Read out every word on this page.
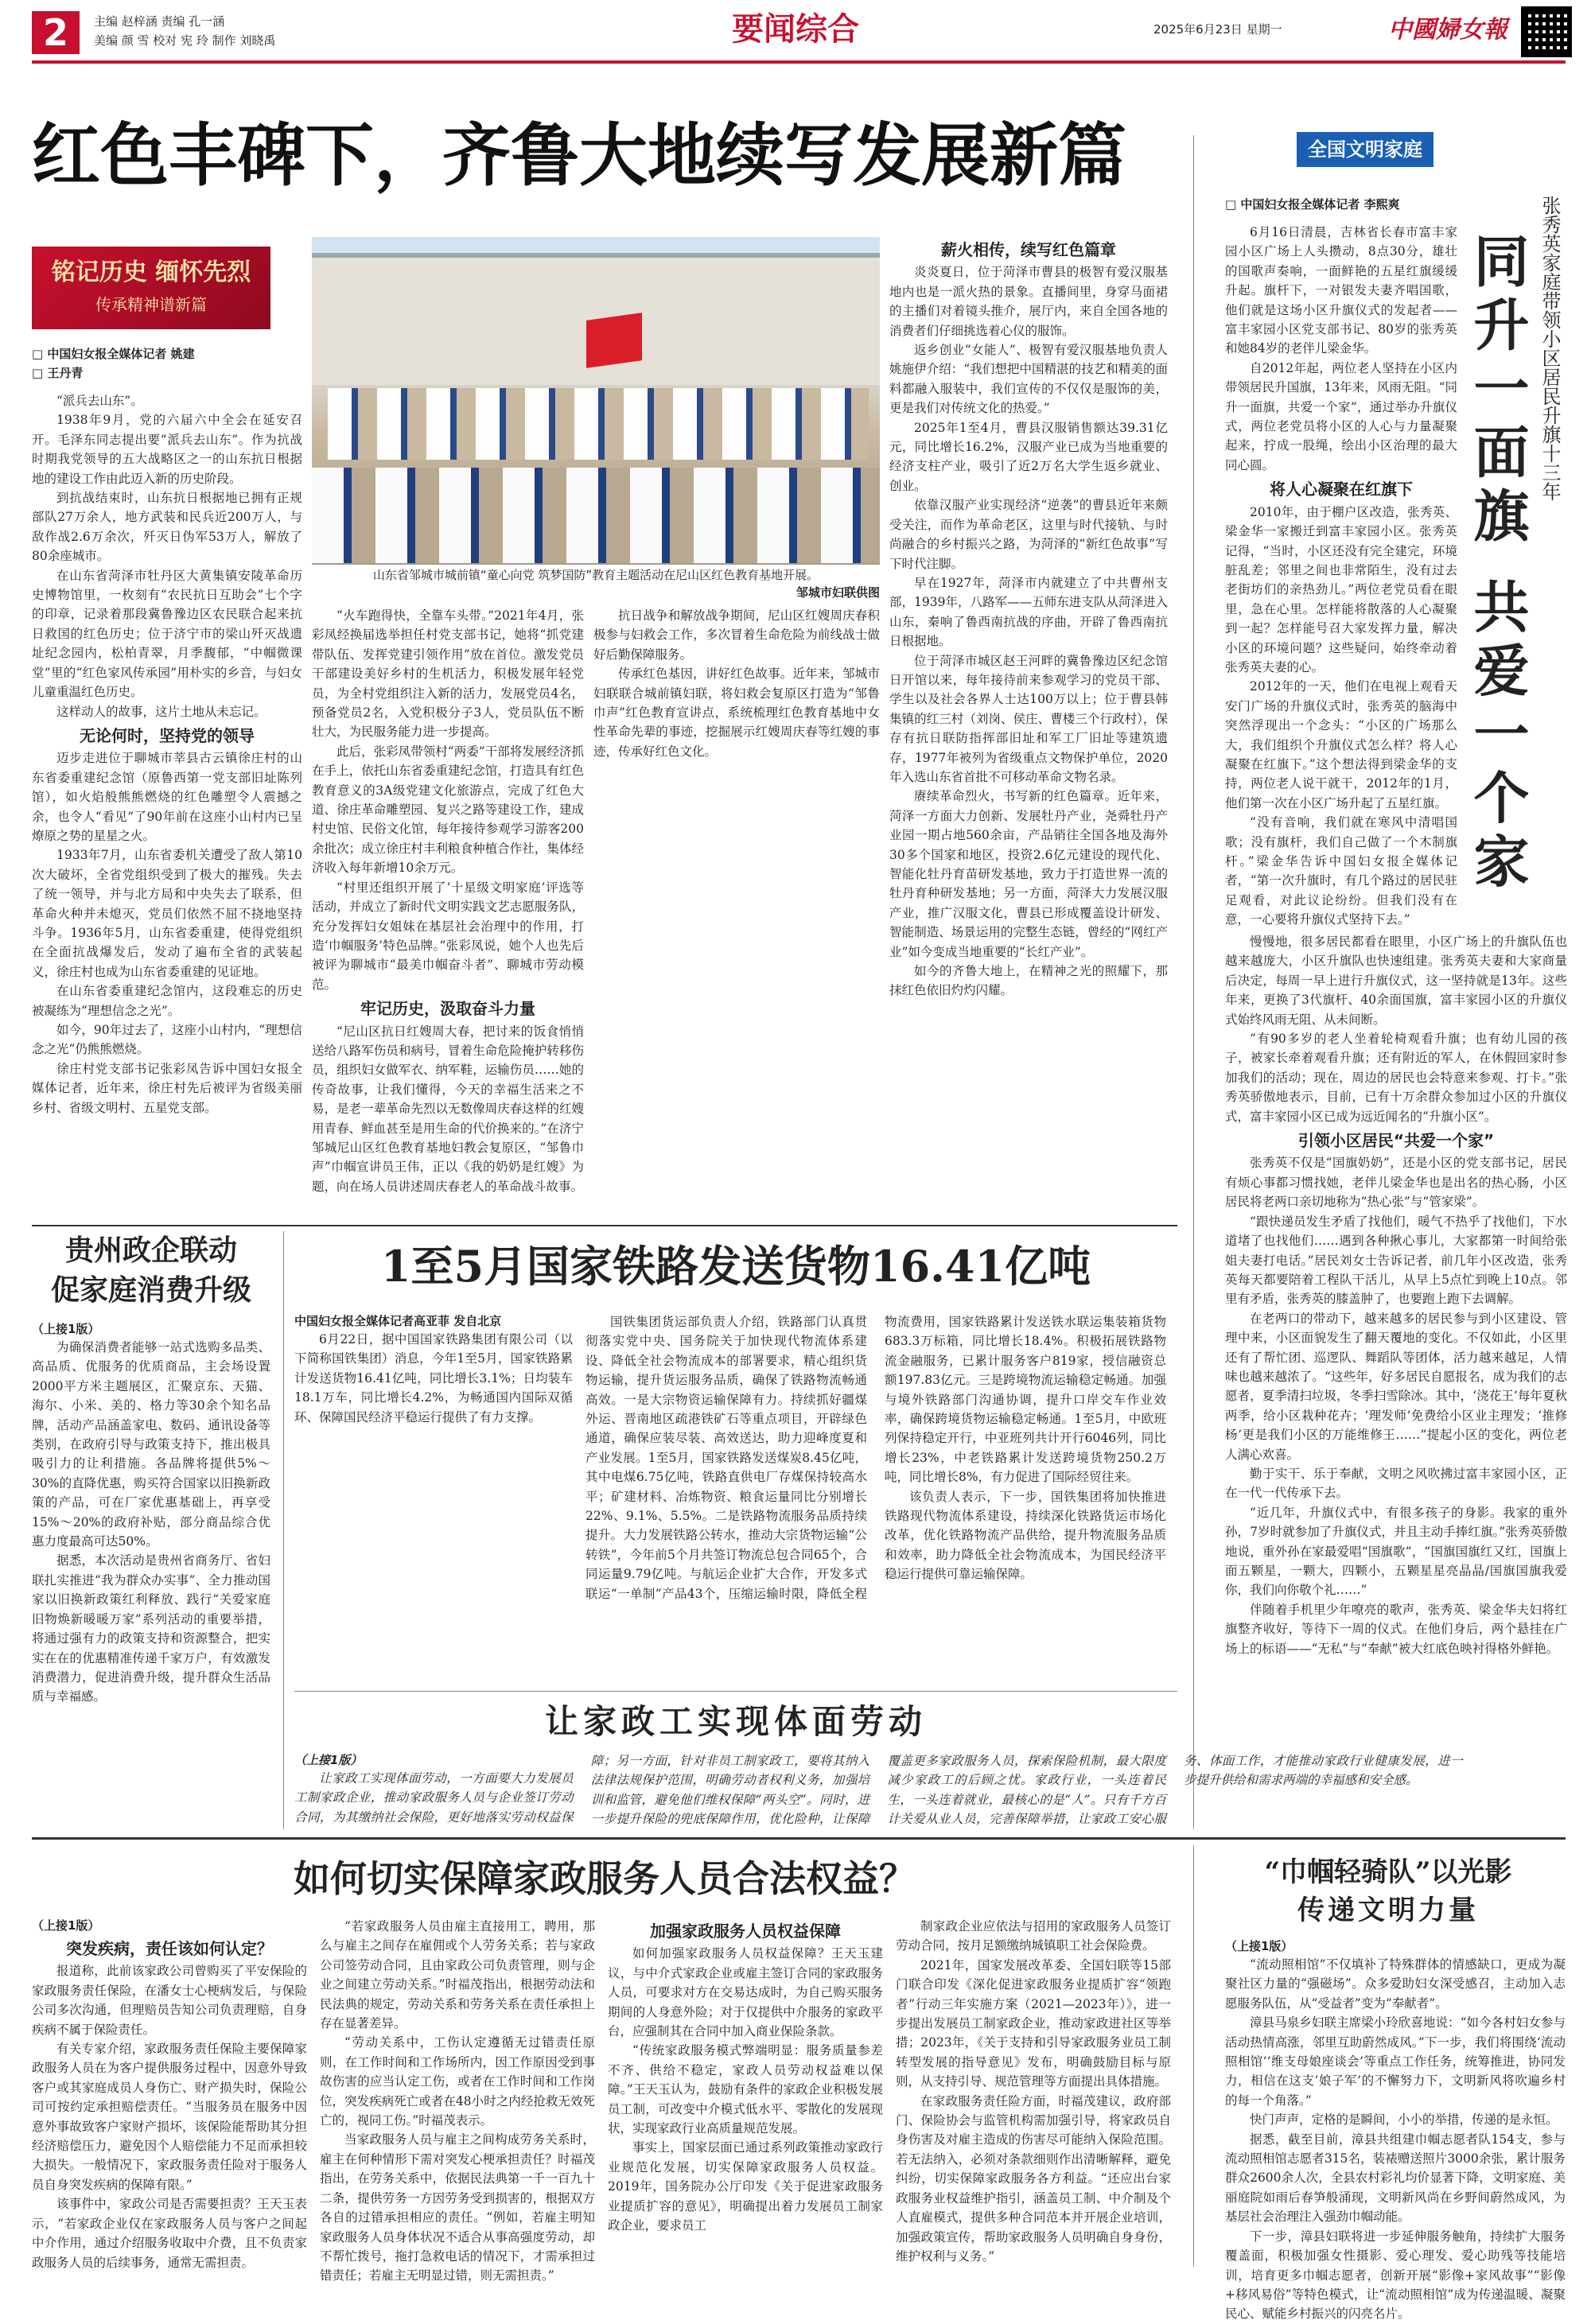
2	主编 赵梓涵 责编 孔一涵
美编 颜 雪 校对 宪 玲 制作 刘晓禹	要闻综合	2025年6月23日 星期一	中國婦女報
红色丰碑下，齐鲁大地续写发展新篇
铭记历史 缅怀先烈
传承精神谱新篇
□ 中国妇女报全媒体记者 姚建
□ 王丹青

“派兵去山东”。

1938年9月，党的六届六中全会在延安召开。毛泽东同志提出要“派兵去山东”。作为抗战时期我党领导的五大战略区之一的山东抗日根据地的建设工作由此迈入新的历史阶段。

到抗战结束时，山东抗日根据地已拥有正规部队27万余人，地方武装和民兵近200万人，与敌作战2.6万余次，歼灭日伪军53万人，解放了80余座城市。

在山东省菏泽市牡丹区大黄集镇安陵革命历史博物馆里，一枚刻有“农民抗日互助会”七个字的印章，记录着那段冀鲁豫边区农民联合起来抗日救国的红色历史；位于济宁市的梁山歼灭战遗址纪念园内，松柏青翠，月季馥郁，“中帼微课堂”里的“红色家风传承园”用朴实的乡音，与妇女儿童重温红色历史。

这样动人的故事，这片土地从未忘记。

无论何时，坚持党的领导

迈步走进位于聊城市莘县古云镇徐庄村的山东省委重建纪念馆（原鲁西第一党支部旧址陈列馆），如火焰般熊熊燃烧的红色雕塑令人震撼之余，也令人“看见”了90年前在这座小山村内已呈燎原之势的星星之火。

1933年7月，山东省委机关遭受了敌人第10次大破坏，全省党组织受到了极大的摧残。失去了统一领导，并与北方局和中央失去了联系，但革命火种并未熄灭，党员们依然不屈不挠地坚持斗争。1936年5月，山东省委重建，使得党组织在全面抗战爆发后，发动了遍布全省的武装起义，徐庄村也成为山东省委重建的见证地。

在山东省委重建纪念馆内，这段难忘的历史被凝练为“理想信念之光”。

如今，90年过去了，这座小山村内，“理想信念之光”仍熊熊燃烧。

徐庄村党支部书记张彩凤告诉中国妇女报全媒体记者，近年来，徐庄村先后被评为省级美丽乡村、省级文明村、五星党支部。

山东省邹城市城前镇“童心向党 筑梦国防”教育主题活动在尼山区红色教育基地开展。
邹城市妇联供图

“火车跑得快，全靠车头带。”2021年4月，张彩凤经换届选举担任村党支部书记，她将“抓党建带队伍、发挥党建引领作用”放在首位。激发党员干部建设美好乡村的生机活力，积极发展年轻党员，为全村党组织注入新的活力，发展党员4名，预备党员2名，入党积极分子3人，党员队伍不断壮大，为民服务能力进一步提高。

此后，张彩凤带领村“两委”干部将发展经济抓在手上，依托山东省委重建纪念馆，打造具有红色教育意义的3A级党建文化旅游点，完成了红色大道、徐庄革命雕塑园、复兴之路等建设工作，建成村史馆、民俗文化馆，每年接待参观学习游客200余批次；成立徐庄村丰利粮食种植合作社，集体经济收入每年新增10余万元。

“村里还组织开展了‘十星级文明家庭’评选等活动，并成立了新时代文明实践文艺志愿服务队，充分发挥妇女姐妹在基层社会治理中的作用，打造‘巾帼服务’特色品牌。”张彩凤说，她个人也先后被评为聊城市“最美巾帼奋斗者”、聊城市劳动模范。

牢记历史，汲取奋斗力量

“尼山区抗日红嫂周大春，把讨来的饭食悄悄送给八路军伤员和病号，冒着生命危险掩护转移伤员，组织妇女做军衣、纳军鞋，运输伤员……她的传奇故事，让我们懂得，今天的幸福生活来之不易，是老一辈革命先烈以无数像周庆春这样的红嫂用青春、鲜血甚至是用生命的代价换来的。”在济宁邹城尼山区红色教育基地妇教会复原区，“邹鲁巾声”巾帼宣讲员王伟，正以《我的奶奶是红嫂》为题，向在场人员讲述周庆春老人的革命战斗故事。

抗日战争和解放战争期间，尼山区红嫂周庆春积极参与妇救会工作，多次冒着生命危险为前线战士做好后勤保障服务。

传承红色基因，讲好红色故事。近年来，邹城市妇联联合城前镇妇联，将妇救会复原区打造为“邹鲁巾声”红色教育宣讲点，系统梳理红色教育基地中女性革命先辈的事迹，挖掘展示红嫂周庆春等红嫂的事迹，传承好红色文化。

薪火相传，续写红色篇章

炎炎夏日，位于菏泽市曹县的极智有爱汉服基地内也是一派火热的景象。直播间里，身穿马面裙的主播们对着镜头推介，展厅内，来自全国各地的消费者们仔细挑选着心仪的服饰。

返乡创业“女能人”、极智有爱汉服基地负责人姚施伊介绍：“我们想把中国精湛的技艺和精美的面料都融入服装中，我们宣传的不仅仅是服饰的美，更是我们对传统文化的热爱。”

2025年1至4月，曹县汉服销售额达39.31亿元，同比增长16.2%，汉服产业已成为当地重要的经济支柱产业，吸引了近2万名大学生返乡就业、创业。

依靠汉服产业实现经济“逆袭”的曹县近年来颇受关注，而作为革命老区，这里与时代接轨、与时尚融合的乡村振兴之路，为菏泽的“新红色故事”写下时代注脚。

早在1927年，菏泽市内就建立了中共曹州支部，1939年，八路军——五师东进支队从菏泽进入山东，秦响了鲁西南抗战的序曲，开辟了鲁西南抗日根据地。

位于菏泽市城区赵王河畔的冀鲁豫边区纪念馆日开馆以来，每年接待前来参观学习的党员干部、学生以及社会各界人士达100万以上；位于曹县韩集镇的红三村（刘岗、侯庄、曹楼三个行政村），保存有抗日联防指挥部旧址和军工厂旧址等建筑遗存，1977年被列为省级重点文物保护单位，2020年入选山东省首批不可移动革命文物名录。

赓续革命烈火，书写新的红色篇章。近年来，菏泽一方面大力创新、发展牡丹产业，尧舜牡丹产业园一期占地560余亩，产品销往全国各地及海外30多个国家和地区，投资2.6亿元建设的现代化、智能化牡丹育苗研发基地，致力于打造世界一流的牡丹育种研发基地；另一方面，菏泽大力发展汉服产业，推广汉服文化，曹县已形成覆盖设计研发、智能制造、场景运用的完整生态链，曾经的“网红产业”如今变成当地重要的“长红产业”。

如今的齐鲁大地上，在精神之光的照耀下，那抹红色依旧灼灼闪耀。

全国文明家庭
□ 中国妇女报全媒体记者 李熙爽	张秀英家庭带领小区居民升旗十三年
同升一面旗 共爱一个家

6月16日清晨，吉林省长春市富丰家园小区广场上人头攒动，8点30分，雄壮的国歌声奏响，一面鲜艳的五星红旗缓缓升起。旗杆下，一对银发夫妻齐唱国歌，他们就是这场小区升旗仪式的发起者——富丰家园小区党支部书记、80岁的张秀英和她84岁的老伴儿梁金华。

自2012年起，两位老人坚持在小区内带领居民升国旗，13年来，风雨无阻。“同升一面旗，共爱一个家”，通过举办升旗仪式，两位老党员将小区的人心与力量凝聚起来，拧成一股绳，绘出小区治理的最大同心圆。

将人心凝聚在红旗下

2010年，由于棚户区改造，张秀英、梁金华一家搬迁到富丰家园小区。张秀英记得，“当时，小区还没有完全建完，环境脏乱差；邻里之间也非常陌生，没有过去老街坊们的亲热劲儿。”两位老党员看在眼里，急在心里。怎样能将散落的人心凝聚到一起？怎样能号召大家发挥力量，解决小区的环境问题？这些疑问，始终牵动着张秀英夫妻的心。

2012年的一天，他们在电视上观看天安门广场的升旗仪式时，张秀英的脑海中突然浮现出一个念头：“小区的广场那么大，我们组织个升旗仪式怎么样？将人心凝聚在红旗下。”这个想法得到梁金华的支持，两位老人说干就干，2012年的1月，他们第一次在小区广场升起了五星红旗。

“没有音响，我们就在寒风中清唱国歌；没有旗杆，我们自己做了一个木制旗杆。”梁金华告诉中国妇女报全媒体记者，“第一次升旗时，有几个路过的居民驻足观看，对此议论纷纷。但我们没有在意，一心要将升旗仪式坚持下去。”

慢慢地，很多居民都看在眼里，小区广场上的升旗队伍也越来越庞大，小区升旗队也快速组建。张秀英夫妻和大家商量后决定，每周一早上进行升旗仪式，这一坚持就是13年。这些年来，更换了3代旗杆、40余面国旗，富丰家园小区的升旗仪式始终风雨无阻、从未间断。

“有90多岁的老人坐着轮椅观看升旗；也有幼儿园的孩子，被家长牵着观看升旗；还有附近的军人，在休假回家时参加我们的活动；现在，周边的居民也会特意来参观、打卡。”张秀英骄傲地表示，目前，已有十万余群众参加过小区的升旗仪式，富丰家园小区已成为远近闻名的“升旗小区”。

引领小区居民“共爱一个家”

张秀英不仅是“国旗奶奶”，还是小区的党支部书记，居民有烦心事都习惯找她，老伴儿梁金华也是出名的热心肠，小区居民将老两口亲切地称为“热心张”与“管家梁”。

“跟快递员发生矛盾了找他们，暖气不热乎了找他们，下水道堵了也找他们……遇到各种揪心事儿，大家都第一时间给张姐夫妻打电话。”居民刘女士告诉记者，前几年小区改造，张秀英每天都要陪着工程队干活儿，从早上5点忙到晚上10点。邻里有矛盾，张秀英的膝盖肿了，也要跑上跑下去调解。

在老两口的带动下，越来越多的居民参与到小区建设、管理中来，小区面貌发生了翻天覆地的变化。不仅如此，小区里还有了帮忙团、巡逻队、舞蹈队等团体，活力越来越足，人情味也越来越浓了。“这些年，好多居民自愿报名，成为我们的志愿者，夏季清扫垃圾，冬季扫雪除冰。其中，‘浇花王’每年夏秋两季，给小区栽种花卉；‘理发师’免费给小区业主理发；‘推修杨’更是我们小区的万能维修王……”提起小区的变化，两位老人满心欢喜。

勤于实干、乐于奉献，文明之风吹拂过富丰家园小区，正在一代一代传承下去。

“近几年，升旗仪式中，有很多孩子的身影。我家的重外孙，7岁时就参加了升旗仪式，并且主动手捧红旗。”张秀英骄傲地说，重外孙在家最爱唱“国旗歌”，“国旗国旗红又红，国旗上面五颗星，一颗大，四颗小，五颗星星亮晶晶/国旗国旗我爱你，我们向你敬个礼……”

伴随着手机里少年嘹亮的歌声，张秀英、梁金华夫妇将红旗整齐收好，等待下一周的仪式。在他们身后，两个悬挂在广场上的标语——“无私”与“奉献”被大红底色映衬得格外鲜艳。

贵州政企联动
促家庭消费升级
（上接1版）

为确保消费者能够一站式选购多品类、高品质、优服务的优质商品，主会场设置2000平方米主题展区，汇聚京东、天猫、海尔、小米、美的、格力等30余个知名品牌，活动产品涵盖家电、数码、通讯设备等类别，在政府引导与政策支持下，推出极具吸引力的让利措施。各品牌将提供5%～30%的直降优惠，购买符合国家以旧换新政策的产品，可在厂家优惠基础上，再享受15%～20%的政府补贴，部分商品综合优惠力度最高可达50%。

据悉，本次活动是贵州省商务厅、省妇联扎实推进“我为群众办实事”、全力推动国家以旧换新政策红利释放、践行“关爱家庭 旧物焕新暖暖万家”系列活动的重要举措，将通过强有力的政策支持和资源整合，把实实在在的优惠精准传递千家万户，有效激发消费潜力，促进消费升级，提升群众生活品质与幸福感。

1至5月国家铁路发送货物16.41亿吨
中国妇女报全媒体记者高亚菲 发自北京

6月22日，据中国国家铁路集团有限公司（以下简称国铁集团）消息，今年1至5月，国家铁路累计发送货物16.41亿吨，同比增长3.1%；日均装车18.1万车，同比增长4.2%，为畅通国内国际双循环、保障国民经济平稳运行提供了有力支撑。

国铁集团货运部负责人介绍，铁路部门认真贯彻落实党中央、国务院关于加快现代物流体系建设、降低全社会物流成本的部署要求，精心组织货物运输，提升货运服务品质，确保了铁路物流畅通高效。一是大宗物资运输保障有力。持续抓好疆煤外运、晋南地区疏港铁矿石等重点项目，开辟绿色通道，确保应装尽装、高效送达，助力迎峰度夏和产业发展。1至5月，国家铁路发送煤炭8.45亿吨，其中电煤6.75亿吨，铁路直供电厂存煤保持较高水平；矿建材料、冶炼物资、粮食运量同比分别增长22%、9.1%、5.5%。二是铁路物流服务品质持续提升。大力发展铁路公转水，推动大宗货物运输“公转铁”，今年前5个月共签订物流总包合同65个，合同运量9.79亿吨。与航运企业扩大合作，开发多式联运“一单制”产品43个，压缩运输时限，降低全程物流费用，国家铁路累计发送铁水联运集装箱货物683.3万标箱，同比增长18.4%。积极拓展铁路物流金融服务，已累计服务客户819家，授信融资总额197.83亿元。三是跨境物流运输稳定畅通。加强与境外铁路部门沟通协调，提升口岸交车作业效率，确保跨境货物运输稳定畅通。1至5月，中欧班列保持稳定开行，中亚班列共计开行6046列，同比增长23%，中老铁路累计发送跨境货物250.2万吨，同比增长8%，有力促进了国际经贸往来。

该负责人表示，下一步，国铁集团将加快推进铁路现代物流体系建设，持续深化铁路货运市场化改革，优化铁路物流产品供给，提升物流服务品质和效率，助力降低全社会物流成本，为国民经济平稳运行提供可靠运输保障。

让家政工实现体面劳动
（上接1版）

让家政工实现体面劳动，一方面要大力发展员工制家政企业，推动家政服务人员与企业签订劳动合同，为其缴纳社会保险，更好地落实劳动权益保障；另一方面，针对非员工制家政工，要将其纳入法律法规保护范围，明确劳动者权利义务，加强培训和监管，避免他们维权保障“两头空”。同时，进一步提升保险的兜底保障作用，优化险种，让保障覆盖更多家政服务人员，探索保险机制，最大限度减少家政工的后顾之忧。家政行业，一头连着民生，一头连着就业，最核心的是“人”。只有千方百计关爱从业人员，完善保障举措，让家政工安心服务、体面工作，才能推动家政行业健康发展，进一步提升供给和需求两端的幸福感和安全感。

如何切实保障家政服务人员合法权益？
（上接1版）
突发疾病，责任该如何认定？

报道称，此前该家政公司曾购买了平安保险的家政服务责任保险，在潘女士心梗病发后，与保险公司多次沟通，但理赔员告知公司负责理赔，自身疾病不属于保险责任。

有关专家介绍，家政服务责任保险主要保障家政服务人员在为客户提供服务过程中，因意外导致客户或其家庭成员人身伤亡、财产损失时，保险公司可按约定承担赔偿责任。“当服务员在服务中因意外事故致客户家财产损坏，该保险能帮助其分担经济赔偿压力，避免因个人赔偿能力不足而承担较大损失。一般情况下，家政服务责任险对于服务人员自身突发疾病的保障有限。”

该事件中，家政公司是否需要担责？王天玉表示，“若家政企业仅在家政服务人员与客户之间起中介作用，通过介绍服务收取中介费，且不负责家政服务人员的后续事务，通常无需担责。

“若家政服务人员由雇主直接用工，聘用，那么与雇主之间存在雇佣或个人劳务关系；若与家政公司签劳动合同，且由家政公司负责管理，则与企业之间建立劳动关系。”时福茂指出，根据劳动法和民法典的规定，劳动关系和劳务关系在责任承担上存在显著差异。

“劳动关系中，工伤认定遵循无过错责任原则，在工作时间和工作场所内，因工作原因受到事故伤害的应当认定工伤，或者在工作时间和工作岗位，突发疾病死亡或者在48小时之内经抢救无效死亡的，视同工伤。”时福茂表示。

当家政服务人员与雇主之间构成劳务关系时，雇主在何种情形下需对突发心梗承担责任？时福茂指出，在劳务关系中，依据民法典第一千一百九十二条，提供劳务一方因劳务受到损害的，根据双方各自的过错承担相应的责任。“例如，若雇主明知家政服务人员身体状况不适合从事高强度劳动，却不帮忙拨号，拖打急救电话的情况下，才需承担过错责任；若雇主无明显过错，则无需担责。”

加强家政服务人员权益保障

如何加强家政服务人员权益保障？王天玉建议，与中介式家政企业或雇主签订合同的家政服务人员，可要求对方在交易达成时，为自己购买服务期间的人身意外险；对于仅提供中介服务的家政平台，应强制其在合同中加入商业保险条款。

“传统家政服务模式弊端明显：服务质量参差不齐、供给不稳定，家政人员劳动权益难以保障。”王天玉认为，鼓励有条件的家政企业积极发展员工制，可改变中介模式低水平、零散化的发展现状，实现家政行业高质量规范发展。

事实上，国家层面已通过系列政策推动家政行业规范化发展，切实保障家政服务人员权益。2019年，国务院办公厅印发《关于促进家政服务业提质扩容的意见》，明确提出着力发展员工制家政企业，要求员工

制家政企业应依法与招用的家政服务人员签订劳动合同，按月足额缴纳城镇职工社会保险费。

2021年，国家发展改革委、全国妇联等15部门联合印发《深化促进家政服务业提质扩容“领跑者”行动三年实施方案（2021—2023年）》，进一步提出发展员工制家政企业，推动家政进社区等举措；2023年，《关于支持和引导家政服务业员工制转型发展的指导意见》发布，明确鼓励目标与原则，从支持引导、规范管理等方面提出具体措施。

在家政服务责任险方面，时福茂建议，政府部门、保险协会与监管机构需加强引导，将家政员自身伤害及对雇主造成的伤害尽可能纳入保险范围。若无法纳入，必须对条款细则作出清晰解释，避免纠纷，切实保障家政服务各方利益。“还应出台家政服务业权益维护指引，涵盖员工制、中介制及个人直雇模式，提供多种合同范本并开展企业培训，加强政策宣传，帮助家政服务人员明确自身身份，维护权利与义务。”

“巾帼轻骑队”以光影
传递文明力量
（上接1版）

“流动照相馆”不仅填补了特殊群体的情感缺口，更成为凝聚社区力量的“强磁场”。众多爱助妇女深受感召，主动加入志愿服务队伍，从“受益者”变为“奉献者”。

漳县马泉乡妇联主席梁小玲欣喜地说：“如今各村妇女参与活动热情高涨，邻里互助蔚然成风。”下一步，我们将围绕‘流动照相馆’‘维支母娘座谈会’等重点工作任务，统筹推进，协同发力，相信在这支‘娘子军’的不懈努力下，文明新风将吹遍乡村的每一个角落。”

快门声声，定格的是瞬间，小小的举措，传递的是永恒。

据悉，截至目前，漳县共组建巾帼志愿者队154支，参与流动照相馆志愿者315名，装裱赠送照片3000余张，累计服务群众2600余人次，全县农村彩礼均价显著下降，文明家庭、美丽庭院如雨后春笋般涌现，文明新风尚在乡野间蔚然成风，为基层社会治理注入强劲巾帼动能。

下一步，漳县妇联将进一步延伸服务触角，持续扩大服务覆盖面，积极加强女性摄影、爱心理发、爱心助残等技能培训，培育更多巾帼志愿者，创新开展“影像+家风故事”“影像+移风易俗”等特色模式，让“流动照相馆”成为传递温暖、凝聚民心、赋能乡村振兴的闪亮名片。
